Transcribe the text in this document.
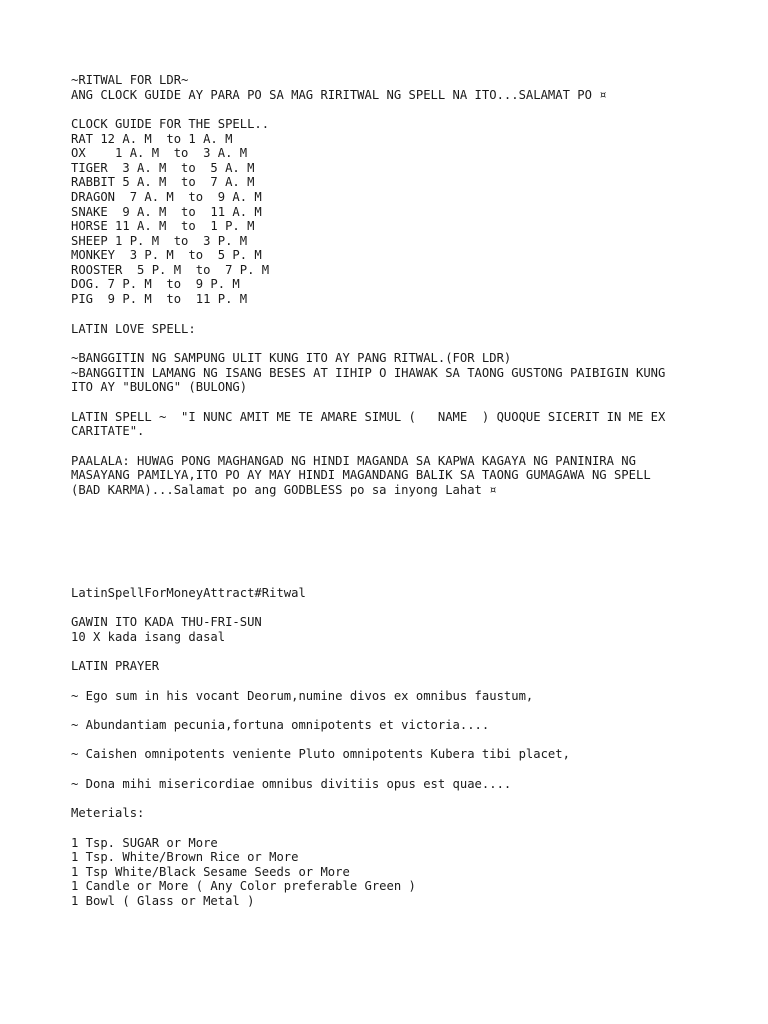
~RITWAL FOR LDR~

ANG CLOCK GUIDE AY PARA PO SA MAG RIRITWAL NG SPELL NA ITO...SALAMAT PO ¤

CLOCK GUIDE FOR THE SPELL..

RAT 12 A. M  to 1 A. M

OX    1 A. M  to  3 A. M

TIGER  3 A. M  to  5 A. M

RABBIT 5 A. M  to  7 A. M

DRAGON  7 A. M  to  9 A. M

SNAKE  9 A. M  to  11 A. M

HORSE 11 A. M  to  1 P. M

SHEEP 1 P. M  to  3 P. M

MONKEY  3 P. M  to  5 P. M

ROOSTER  5 P. M  to  7 P. M

DOG. 7 P. M  to  9 P. M

PIG  9 P. M  to  11 P. M

LATIN LOVE SPELL:

~BANGGITIN NG SAMPUNG ULIT KUNG ITO AY PANG RITWAL.(FOR LDR)

~BANGGITIN LAMANG NG ISANG BESES AT IIHIP O IHAWAK SA TAONG GUSTONG PAIBIGIN KUNG

ITO AY "BULONG" (BULONG)

LATIN SPELL ~  "I NUNC AMIT ME TE AMARE SIMUL (   NAME  ) QUOQUE SICERIT IN ME EX

CARITATE".

PAALALA: HUWAG PONG MAGHANGAD NG HINDI MAGANDA SA KAPWA KAGAYA NG PANINIRA NG

MASAYANG PAMILYA,ITO PO AY MAY HINDI MAGANDANG BALIK SA TAONG GUMAGAWA NG SPELL

(BAD KARMA)...Salamat po ang GODBLESS po sa inyong Lahat ¤

LatinSpellForMoneyAttract#Ritwal

GAWIN ITO KADA THU-FRI-SUN

10 X kada isang dasal

LATIN PRAYER

~ Ego sum in his vocant Deorum,numine divos ex omnibus faustum,

~ Abundantiam pecunia,fortuna omnipotents et victoria....

~ Caishen omnipotents veniente Pluto omnipotents Kubera tibi placet,

~ Dona mihi misericordiae omnibus divitiis opus est quae....

Meterials:

1 Tsp. SUGAR or More

1 Tsp. White/Brown Rice or More

1 Tsp White/Black Sesame Seeds or More

1 Candle or More ( Any Color preferable Green )

1 Bowl ( Glass or Metal )
